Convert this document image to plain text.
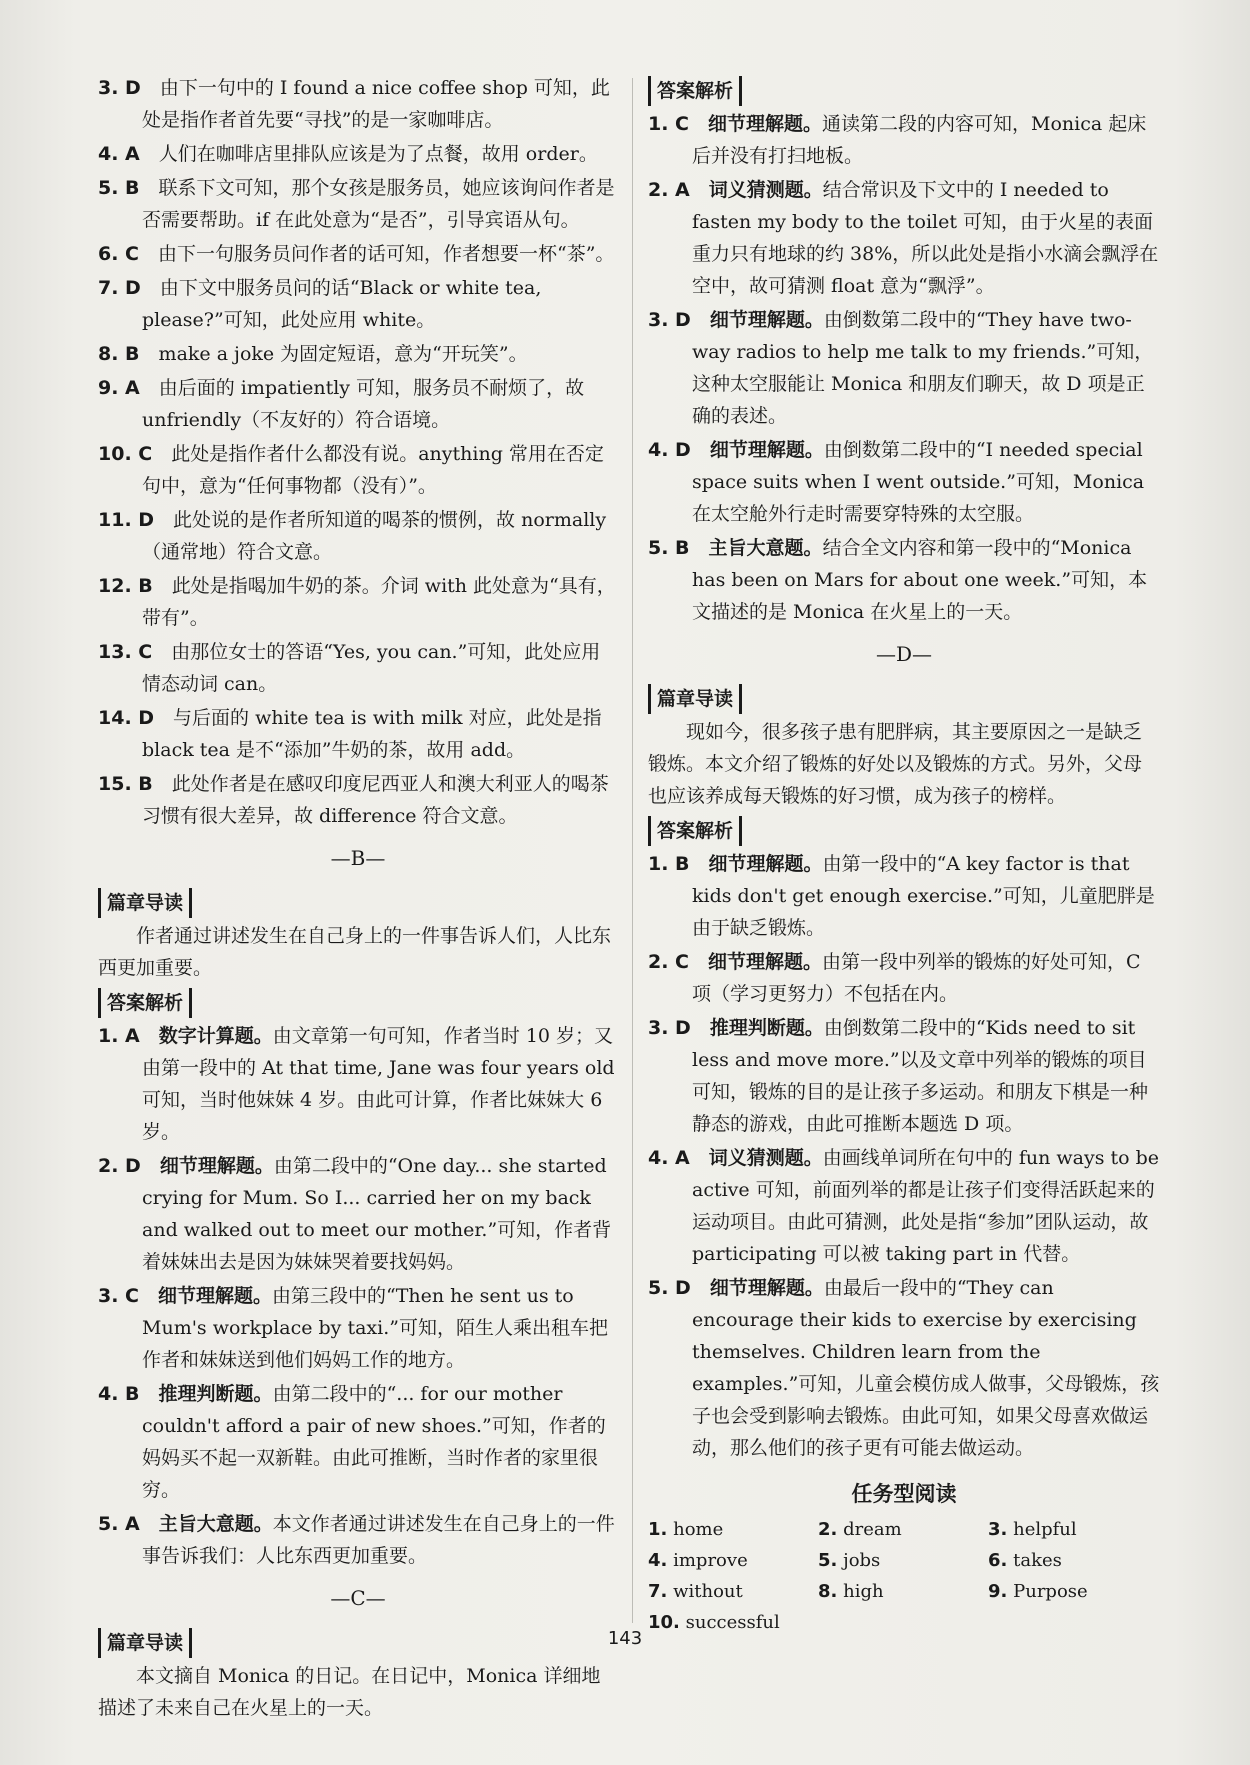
3. D  由下一句中的 I found a nice coffee shop 可知，此处是指作者首先要“寻找”的是一家咖啡店。
4. A  人们在咖啡店里排队应该是为了点餐，故用 order。
5. B  联系下文可知，那个女孩是服务员，她应该询问作者是否需要帮助。if 在此处意为“是否”，引导宾语从句。
6. C  由下一句服务员问作者的话可知，作者想要一杯“茶”。
7. D  由下文中服务员问的话“Black or white tea, please?”可知，此处应用 white。
8. B  make a joke 为固定短语，意为“开玩笑”。
9. A  由后面的 impatiently 可知，服务员不耐烦了，故 unfriendly（不友好的）符合语境。
10. C  此处是指作者什么都没有说。anything 常用在否定句中，意为“任何事物都（没有）”。
11. D  此处说的是作者所知道的喝茶的惯例，故 normally（通常地）符合文意。
12. B  此处是指喝加牛奶的茶。介词 with 此处意为“具有，带有”。
13. C  由那位女士的答语“Yes, you can.”可知，此处应用情态动词 can。
14. D  与后面的 white tea is with milk 对应，此处是指 black tea 是不“添加”牛奶的茶，故用 add。
15. B  此处作者是在感叹印度尼西亚人和澳大利亚人的喝茶习惯有很大差异，故 difference 符合文意。
—B—
篇章导读

作者通过讲述发生在自己身上的一件事告诉人们，人比东西更加重要。

答案解析
1. A  数字计算题。由文章第一句可知，作者当时 10 岁；又由第一段中的 At that time, Jane was four years old 可知，当时他妹妹 4 岁。由此可计算，作者比妹妹大 6 岁。
2. D  细节理解题。由第二段中的“One day... she started crying for Mum. So I... carried her on my back and walked out to meet our mother.”可知，作者背着妹妹出去是因为妹妹哭着要找妈妈。
3. C  细节理解题。由第三段中的“Then he sent us to Mum's workplace by taxi.”可知，陌生人乘出租车把作者和妹妹送到他们妈妈工作的地方。
4. B  推理判断题。由第二段中的“... for our mother couldn't afford a pair of new shoes.”可知，作者的妈妈买不起一双新鞋。由此可推断，当时作者的家里很穷。
5. A  主旨大意题。本文作者通过讲述发生在自己身上的一件事告诉我们：人比东西更加重要。
—C—
篇章导读

本文摘自 Monica 的日记。在日记中，Monica 详细地描述了未来自己在火星上的一天。

答案解析
1. C  细节理解题。通读第二段的内容可知，Monica 起床后并没有打扫地板。
2. A  词义猜测题。结合常识及下文中的 I needed to fasten my body to the toilet 可知，由于火星的表面重力只有地球的约 38%，所以此处是指小水滴会飘浮在空中，故可猜测 float 意为“飘浮”。
3. D  细节理解题。由倒数第二段中的“They have two-way radios to help me talk to my friends.”可知，这种太空服能让 Monica 和朋友们聊天，故 D 项是正确的表述。
4. D  细节理解题。由倒数第二段中的“I needed special space suits when I went outside.”可知，Monica 在太空舱外行走时需要穿特殊的太空服。
5. B  主旨大意题。结合全文内容和第一段中的“Monica has been on Mars for about one week.”可知，本文描述的是 Monica 在火星上的一天。
—D—
篇章导读

现如今，很多孩子患有肥胖病，其主要原因之一是缺乏锻炼。本文介绍了锻炼的好处以及锻炼的方式。另外，父母也应该养成每天锻炼的好习惯，成为孩子的榜样。

答案解析
1. B  细节理解题。由第一段中的“A key factor is that kids don't get enough exercise.”可知，儿童肥胖是由于缺乏锻炼。
2. C  细节理解题。由第一段中列举的锻炼的好处可知，C 项（学习更努力）不包括在内。
3. D  推理判断题。由倒数第二段中的“Kids need to sit less and move more.”以及文章中列举的锻炼的项目可知，锻炼的目的是让孩子多运动。和朋友下棋是一种静态的游戏，由此可推断本题选 D 项。
4. A  词义猜测题。由画线单词所在句中的 fun ways to be active 可知，前面列举的都是让孩子们变得活跃起来的运动项目。由此可猜测，此处是指“参加”团队运动，故 participating 可以被 taking part in 代替。
5. D  细节理解题。由最后一段中的“They can encourage their kids to exercise by exercising themselves. Children learn from the examples.”可知，儿童会模仿成人做事，父母锻炼，孩子也会受到影响去锻炼。由此可知，如果父母喜欢做运动，那么他们的孩子更有可能去做运动。
任务型阅读
1. home	2. dream	3. helpful
4. improve	5. jobs	6. takes
7. without	8. high	9. Purpose
10. successful
143
